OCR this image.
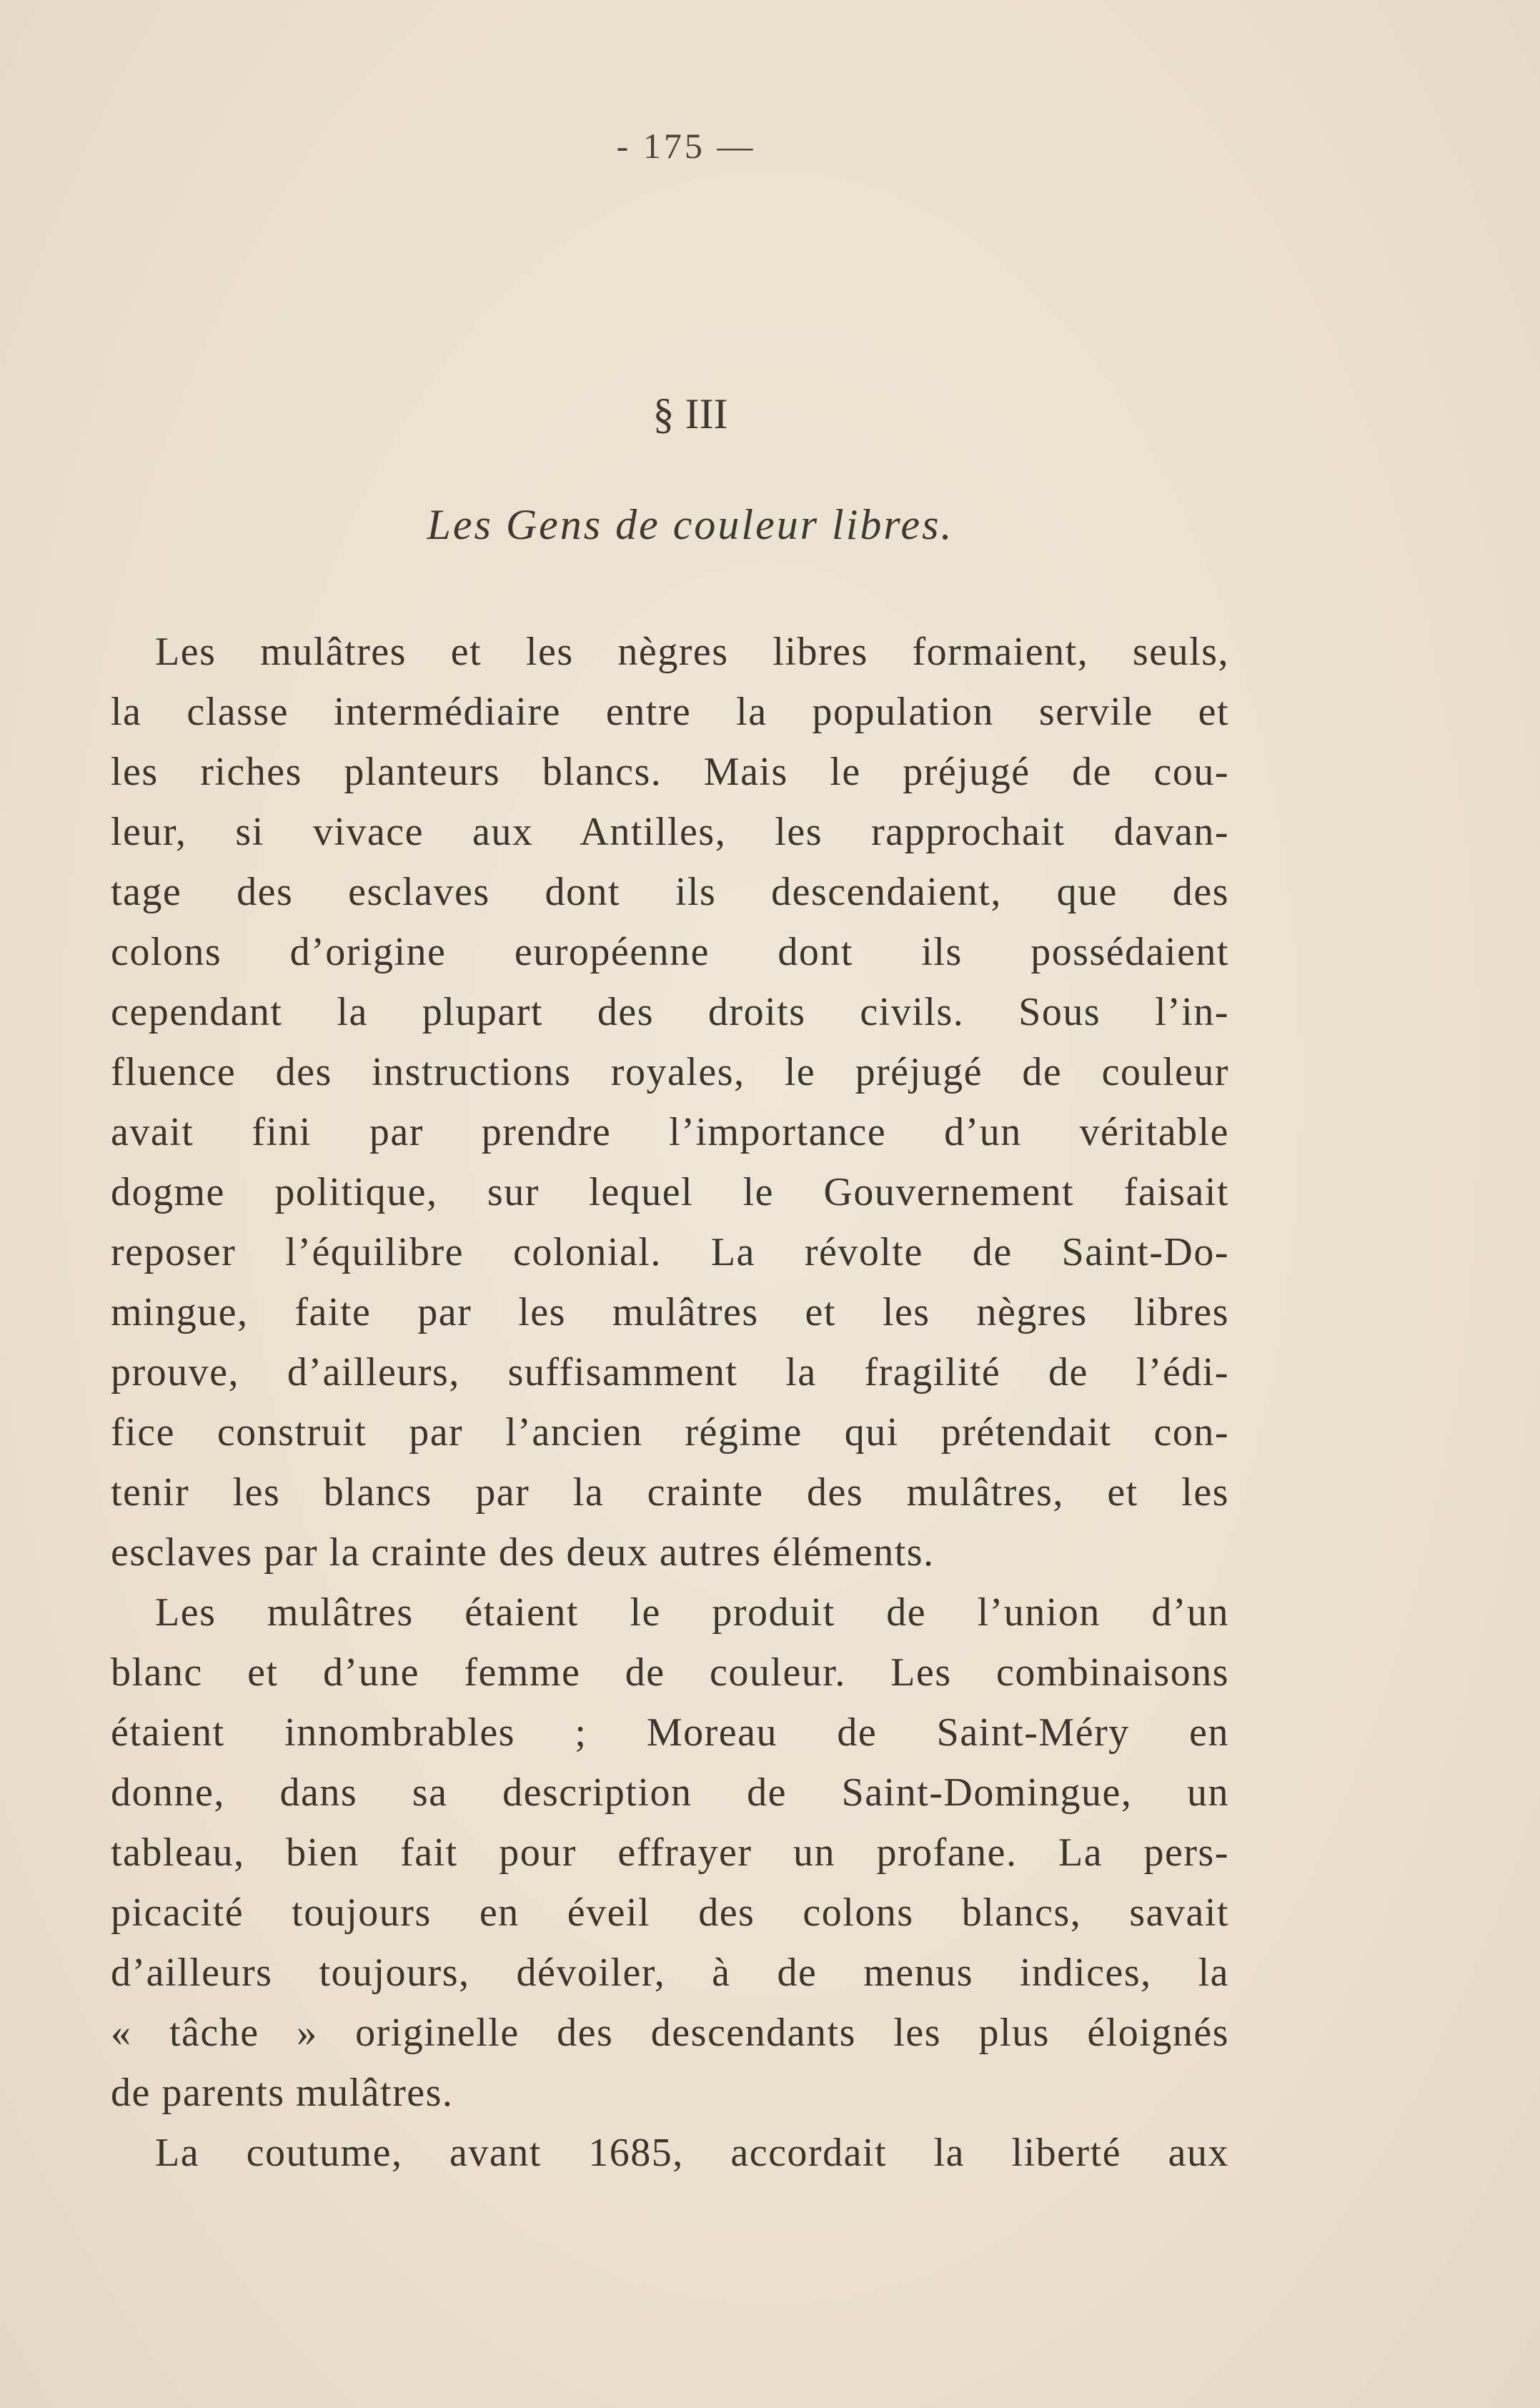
- 175 —
§ III
Les Gens de couleur libres.
Les mulâtres et les nègres libres formaient, seuls,
la classe intermédiaire entre la population servile et
les riches planteurs blancs. Mais le préjugé de cou-
leur, si vivace aux Antilles, les rapprochait davan-
tage des esclaves dont ils descendaient, que des
colons d’origine européenne dont ils possédaient
cependant la plupart des droits civils. Sous l’in-
fluence des instructions royales, le préjugé de couleur
avait fini par prendre l’importance d’un véritable
dogme politique, sur lequel le Gouvernement faisait
reposer l’équilibre colonial. La révolte de Saint-Do-
mingue, faite par les mulâtres et les nègres libres
prouve, d’ailleurs, suffisamment la fragilité de l’édi-
fice construit par l’ancien régime qui prétendait con-
tenir les blancs par la crainte des mulâtres, et les
esclaves par la crainte des deux autres éléments.
Les mulâtres étaient le produit de l’union d’un
blanc et d’une femme de couleur. Les combinaisons
étaient innombrables ; Moreau de Saint-Méry en
donne, dans sa description de Saint-Domingue, un
tableau, bien fait pour effrayer un profane. La pers-
picacité toujours en éveil des colons blancs, savait
d’ailleurs toujours, dévoiler, à de menus indices, la
« tâche » originelle des descendants les plus éloignés
de parents mulâtres.
La coutume, avant 1685, accordait la liberté aux
